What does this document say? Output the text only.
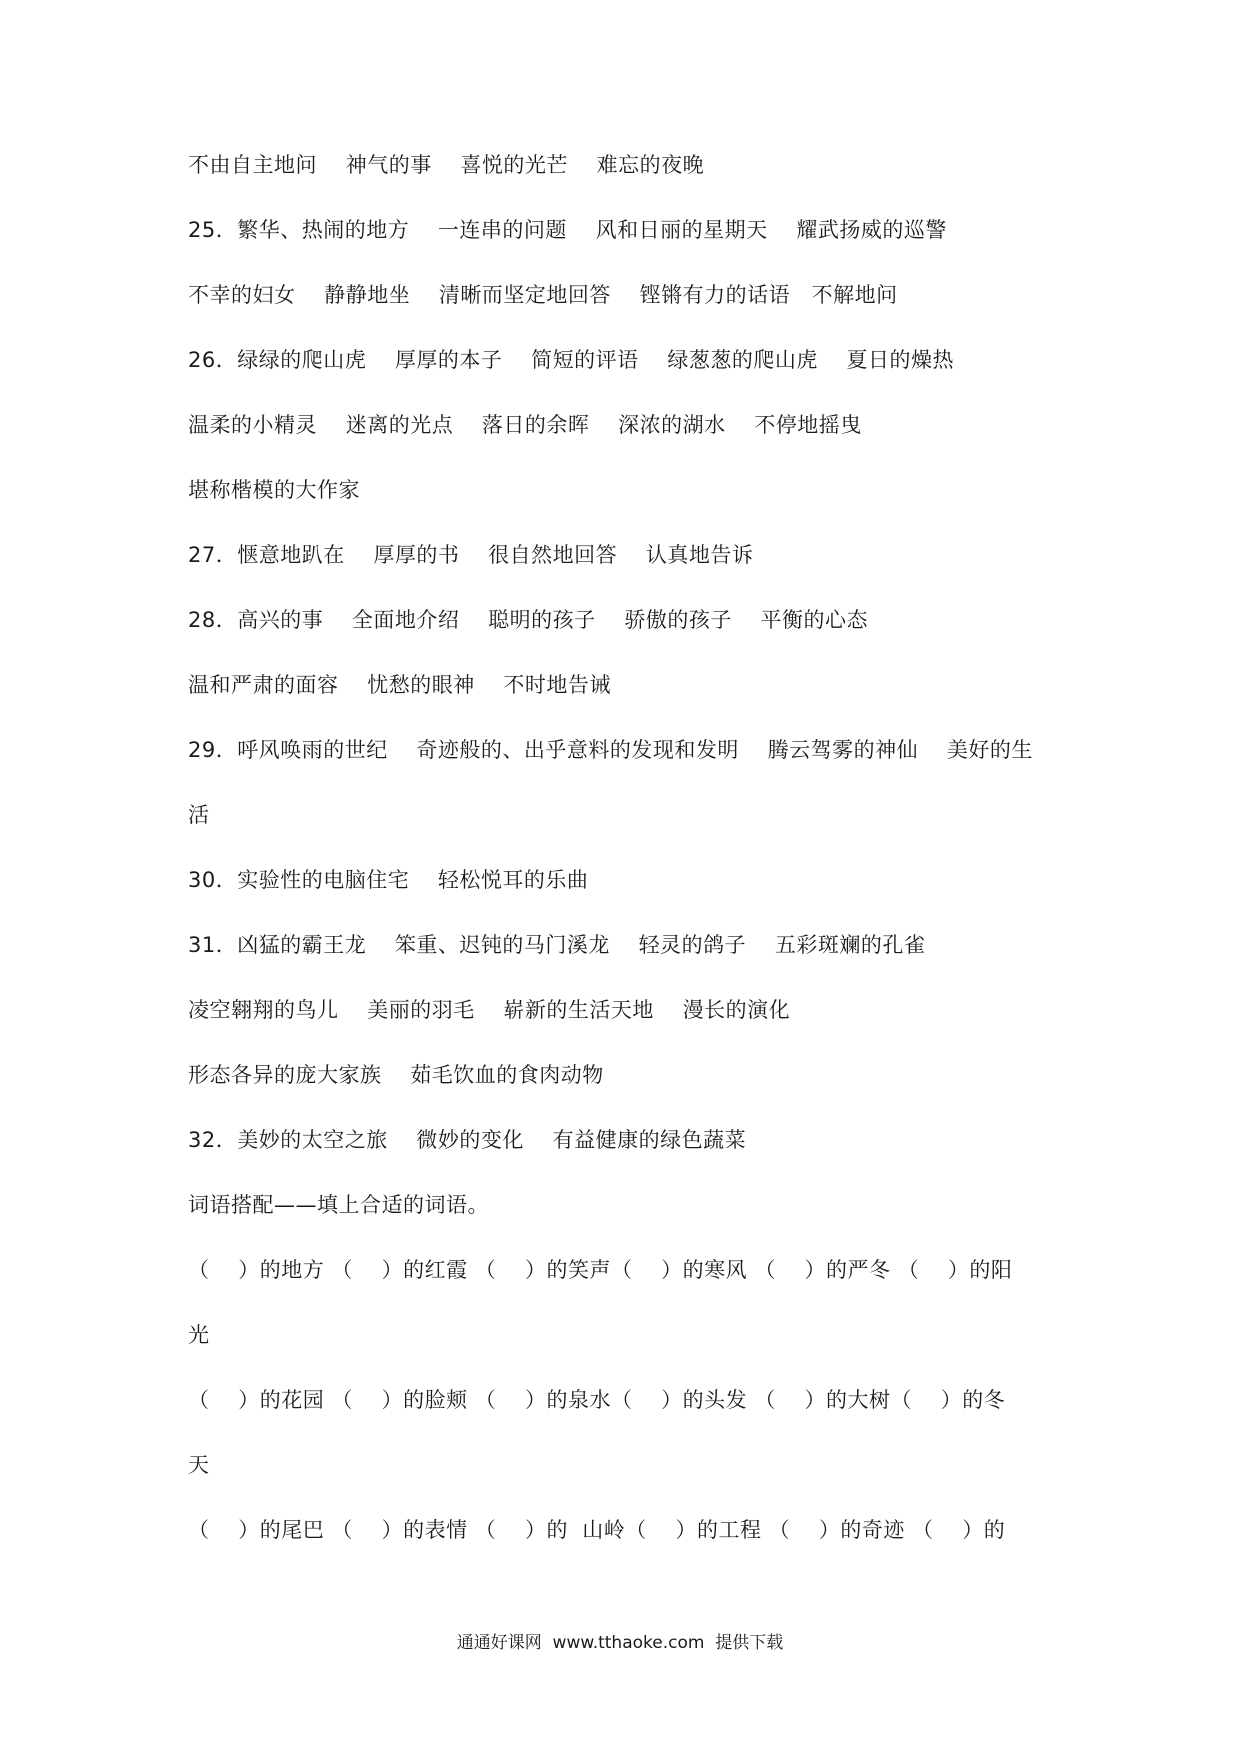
不由自主地问    神气的事    喜悦的光芒    难忘的夜晚
25．繁华、热闹的地方    一连串的问题    风和日丽的星期天    耀武扬威的巡警
不幸的妇女    静静地坐    清晰而坚定地回答    铿锵有力的话语   不解地问
26．绿绿的爬山虎    厚厚的本子    简短的评语    绿葱葱的爬山虎    夏日的燥热
温柔的小精灵    迷离的光点    落日的余晖    深浓的湖水    不停地摇曳
堪称楷模的大作家
27．惬意地趴在    厚厚的书    很自然地回答    认真地告诉
28．高兴的事    全面地介绍    聪明的孩子    骄傲的孩子    平衡的心态
温和严肃的面容    忧愁的眼神    不时地告诫
29．呼风唤雨的世纪    奇迹般的、出乎意料的发现和发明    腾云驾雾的神仙    美好的生
活
30．实验性的电脑住宅    轻松悦耳的乐曲
31．凶猛的霸王龙    笨重、迟钝的马门溪龙    轻灵的鸽子    五彩斑斓的孔雀
凌空翱翔的鸟儿    美丽的羽毛    崭新的生活天地    漫长的演化
形态各异的庞大家族    茹毛饮血的食肉动物
32．美妙的太空之旅    微妙的变化    有益健康的绿色蔬菜
词语搭配——填上合适的词语。
（    ）的地方 （    ）的红霞 （    ）的笑声（    ）的寒风 （    ）的严冬 （    ）的阳
光
（    ）的花园 （    ）的脸颊 （    ）的泉水（    ）的头发 （    ）的大树（    ）的冬
天
（    ）的尾巴 （    ）的表情 （    ）的  山岭（    ）的工程 （    ）的奇迹 （    ）的
通通好课网  www.tthaoke.com  提供下载
